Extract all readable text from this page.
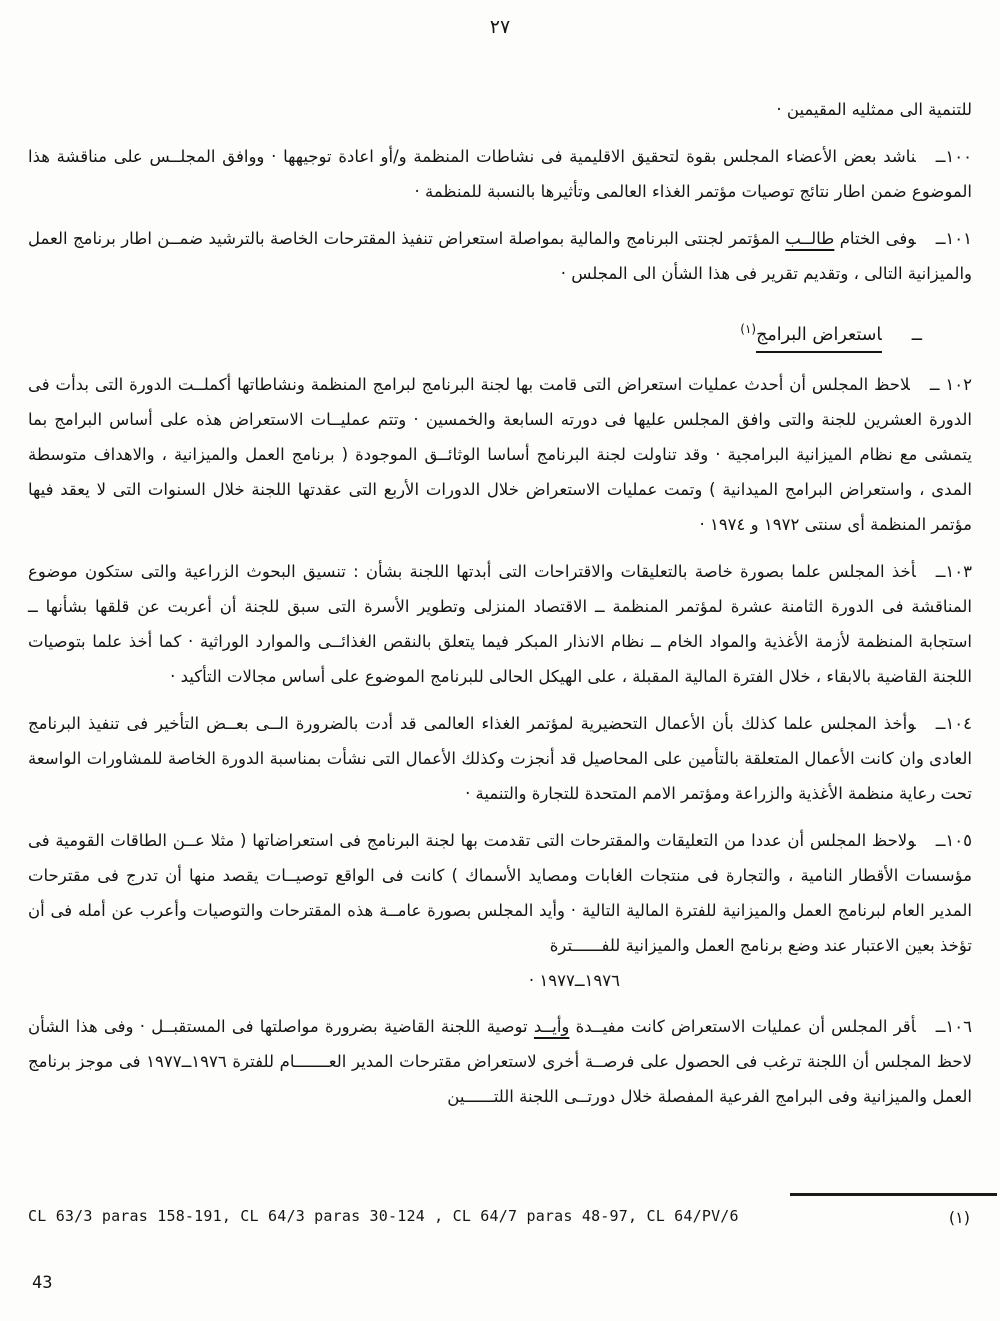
٢٧

للتنمية الى ممثليه المقيمين ·

١٠٠ــناشد بعض الأعضاء المجلس بقوة لتحقيق الاقليمية فى نشاطات المنظمة و/أو اعادة توجيهها · ووافق المجلــس على مناقشة هذا الموضوع ضمن اطار نتائج توصيات مؤتمر الغذاء العالمى وتأثيرها بالنسبة للمنظمة ·

١٠١ــوفى الختام طالــب المؤتمر لجنتى البرنامج والمالية بمواصلة استعراض تنفيذ المقترحات الخاصة بالترشيد ضمــن اطار برنامج العمل والميزانية التالى ، وتقديم تقرير فى هذا الشأن الى المجلس ·

ــاستعراض البرامج$^{(١)}$

١٠٢ ــلاحظ المجلس أن أحدث عمليات استعراض التى قامت بها لجنة البرنامج لبرامج المنظمة ونشاطاتها أكملــت الدورة التى بدأت فى الدورة العشرين للجنة والتى وافق المجلس عليها فى دورته السابعة والخمسين · وتتم عمليــات الاستعراض هذه على أساس البرامج بما يتمشى مع نظام الميزانية البرامجية · وقد تناولت لجنة البرنامج أساسا الوثائــق الموجودة ( برنامج العمل والميزانية ، والاهداف متوسطة المدى ، واستعراض البرامج الميدانية ) وتمت عمليات الاستعراض خلال الدورات الأربع التى عقدتها اللجنة خلال السنوات التى لا يعقد فيها مؤتمر المنظمة أى سنتى ١٩٧٢ و ١٩٧٤ ·

١٠٣ــأخذ المجلس علما بصورة خاصة بالتعليقات والاقتراحات التى أبدتها اللجنة بشأن : تنسيق البحوث الزراعية والتى ستكون موضوع المناقشة فى الدورة الثامنة عشرة لمؤتمر المنظمة ــ الاقتصاد المنزلى وتطوير الأسرة التى سبق للجنة أن أعربت عن قلقها بشأنها ــ استجابة المنظمة لأزمة الأغذية والمواد الخام ــ نظام الانذار المبكر فيما يتعلق بالنقص الغذائــى والموارد الوراثية · كما أخذ علما بتوصيات اللجنة القاضية بالابقاء ، خلال الفترة المالية المقبلة ، على الهيكل الحالى للبرنامج الموضوع على أساس مجالات التأكيد ·

١٠٤ــوأخذ المجلس علما كذلك بأن الأعمال التحضيرية لمؤتمر الغذاء العالمى قد أدت بالضرورة الــى بعــض التأخير فى تنفيذ البرنامج العادى وان كانت الأعمال المتعلقة بالتأمين على المحاصيل قد أنجزت وكذلك الأعمال التى نشأت بمناسبة الدورة الخاصة للمشاورات الواسعة تحت رعاية منظمة الأغذية والزراعة ومؤتمر الامم المتحدة للتجارة والتنمية ·

١٠٥ــولاحظ المجلس أن عددا من التعليقات والمقترحات التى تقدمت بها لجنة البرنامج فى استعراضاتها ( مثلا عــن الطاقات القومية فى مؤسسات الأقطار النامية ، والتجارة فى منتجات الغابات ومصايد الأسماك ) كانت فى الواقع توصيــات يقصد منها أن تدرج فى مقترحات المدير العام لبرنامج العمل والميزانية للفترة المالية التالية · وأيد المجلس بصورة عامــة هذه المقترحات والتوصيات وأعرب عن أمله فى أن تؤخذ بعين الاعتبار عند وضع برنامج العمل والميزانية للفــــــترة

١٩٧٦ــ١٩٧٧ ·

١٠٦ــأقر المجلس أن عمليات الاستعراض كانت مفيــدة وأيــد توصية اللجنة القاضية بضرورة مواصلتها فى المستقبــل · وفى هذا الشأن لاحظ المجلس أن اللجنة ترغب فى الحصول على فرصــة أخرى لاستعراض مقترحات المدير العـــــــام للفترة ١٩٧٦ــ١٩٧٧ فى موجز برنامج العمل والميزانية وفى البرامج الفرعية المفصلة خلال دورتــى اللجنة اللتــــــين

CL 63/3 paras 158-191, CL 64/3 paras 30-124 , CL 64/7 paras 48-97, CL 64/PV/6	(١)
43
